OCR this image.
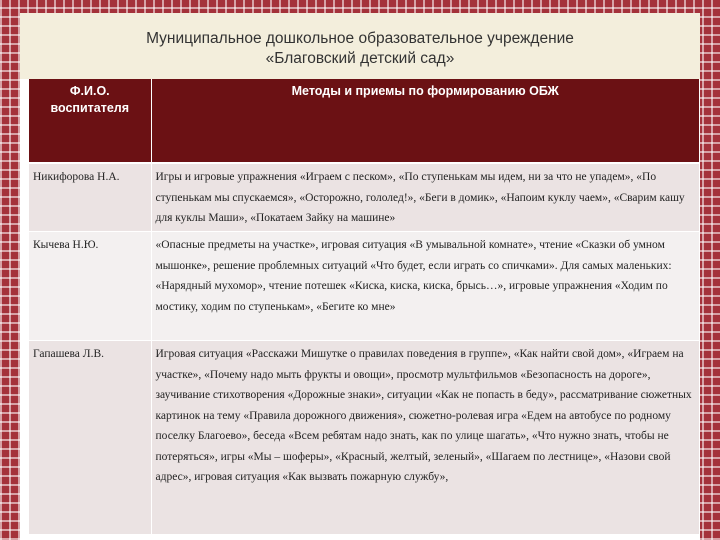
Муниципальное дошкольное образовательное учреждение
«Благовский детский сад»
Ф.И.О. воспитателя	Методы и приемы по формированию ОБЖ
Никифорова Н.А.	Игры и игровые упражнения «Играем с песком», «По ступенькам мы идем, ни за что не упадем», «По ступенькам мы спускаемся», «Осторожно, гололед!», «Беги в домик», «Напоим куклу чаем», «Сварим кашу для куклы Маши», «Покатаем Зайку на машине»
Кычева Н.Ю.	«Опасные предметы на участке», игровая ситуация «В умывальной комнате», чтение «Сказки об умном мышонке», решение проблемных ситуаций «Что будет, если играть со спичками». Для самых маленьких: «Нарядный мухомор», чтение потешек «Киска, киска, киска, брысь…», игровые упражнения «Ходим по мостику, ходим по ступенькам», «Бегите ко мне»
Гапашева Л.В.	Игровая ситуация «Расскажи Мишутке о правилах поведения в группе», «Как найти свой дом», «Играем на участке», «Почему надо мыть фрукты и овощи», просмотр мультфильмов «Безопасность на дороге», заучивание стихотворения «Дорожные знаки», ситуации «Как не попасть в беду», рассматривание сюжетных картинок на тему «Правила дорожного движения», сюжетно-ролевая игра «Едем на автобусе по родному поселку Благоево», беседа «Всем ребятам надо знать, как по улице шагать», «Что нужно знать, чтобы не потеряться», игры «Мы – шоферы», «Красный, желтый, зеленый», «Шагаем по лестнице», «Назови свой адрес», игровая ситуация «Как вызвать пожарную службу»,
